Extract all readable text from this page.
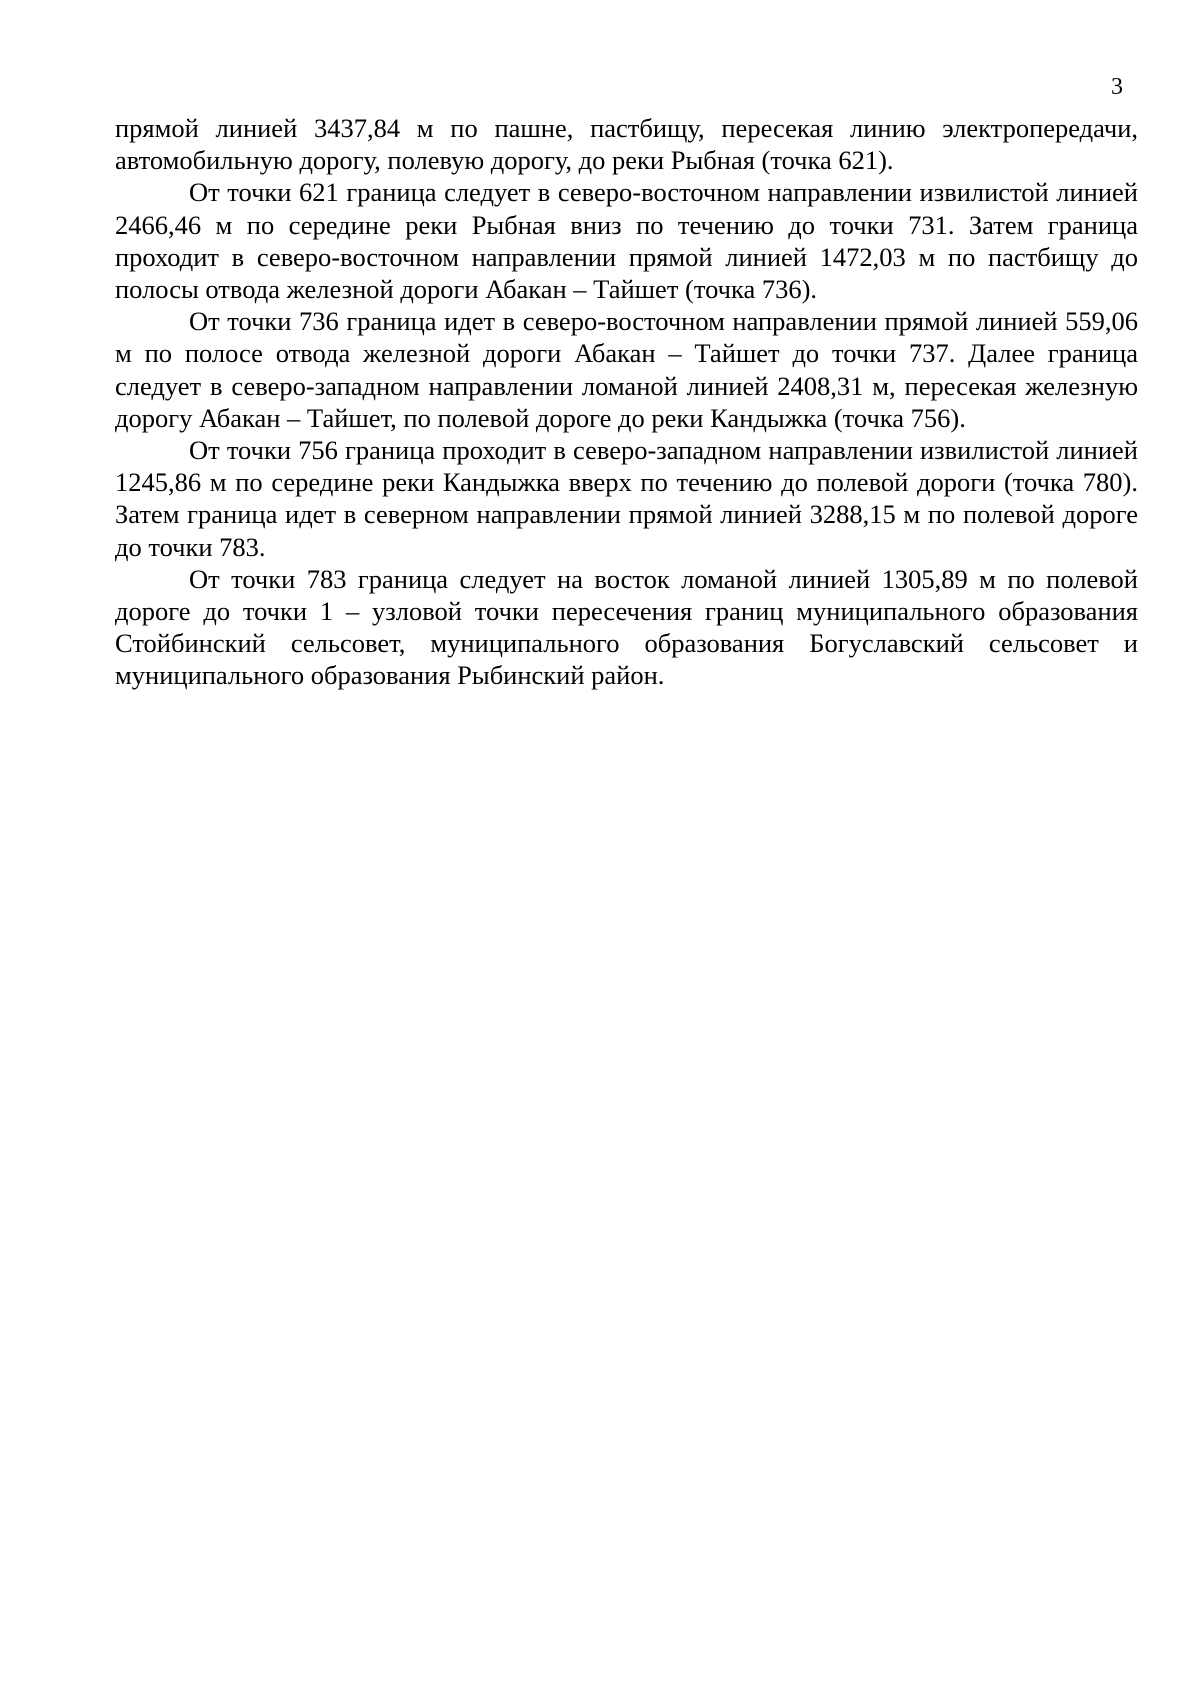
3

прямой линией 3437,84 м по пашне, пастбищу, пересекая линию электропередачи, автомобильную дорогу, полевую дорогу, до реки Рыбная (точка 621).

От точки 621 граница следует в северо-восточном направлении извилистой линией 2466,46 м по середине реки Рыбная вниз по течению до точки 731. Затем граница проходит в северо-восточном направлении прямой линией 1472,03 м по пастбищу до полосы отвода железной дороги Абакан – Тайшет (точка 736).

От точки 736 граница идет в северо-восточном направлении прямой линией 559,06 м по полосе отвода железной дороги Абакан – Тайшет до точки 737. Далее граница следует в северо-западном направлении ломаной линией 2408,31 м, пересекая железную дорогу Абакан – Тайшет, по полевой дороге до реки Кандыжка (точка 756).

От точки 756 граница проходит в северо-западном направлении извилистой линией 1245,86 м по середине реки Кандыжка вверх по течению до полевой дороги (точка 780). Затем граница идет в северном направлении прямой линией 3288,15 м по полевой дороге до точки 783.

От точки 783 граница следует на восток ломаной линией 1305,89 м по полевой дороге до точки 1 – узловой точки пересечения границ муниципального образования Стойбинский сельсовет, муниципального образования Богуславский сельсовет и муниципального образования Рыбинский район.
